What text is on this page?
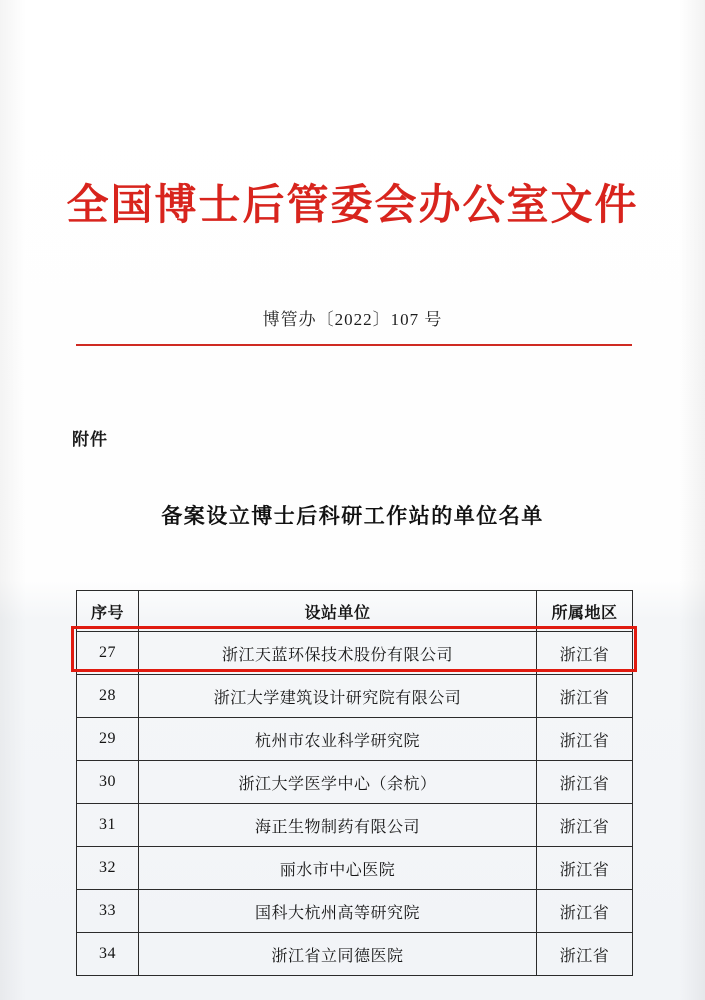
全国博士后管委会办公室文件
博管办〔2022〕107 号
附件
备案设立博士后科研工作站的单位名单
序号	设站单位	所属地区
27	浙江天蓝环保技术股份有限公司	浙江省
28	浙江大学建筑设计研究院有限公司	浙江省
29	杭州市农业科学研究院	浙江省
30	浙江大学医学中心（余杭）	浙江省
31	海正生物制药有限公司	浙江省
32	丽水市中心医院	浙江省
33	国科大杭州高等研究院	浙江省
34	浙江省立同德医院	浙江省
